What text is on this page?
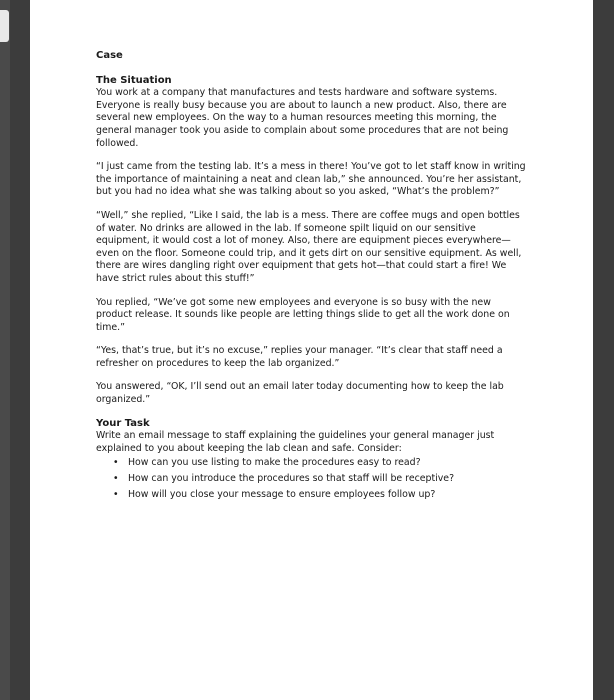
Case
The Situation

You work at a company that manufactures and tests hardware and software systems. Everyone is really busy because you are about to launch a new product. Also, there are several new employees. On the way to a human resources meeting this morning, the general manager took you aside to complain about some procedures that are not being followed.

“I just came from the testing lab. It’s a mess in there! You’ve got to let staff know in writing the importance of maintaining a neat and clean lab,” she announced. You’re her assistant, but you had no idea what she was talking about so you asked, “What’s the problem?”

“Well,” she replied, “Like I said, the lab is a mess. There are coffee mugs and open bottles of water. No drinks are allowed in the lab. If someone spilt liquid on our sensitive equipment, it would cost a lot of money. Also, there are equipment pieces everywhere—even on the floor. Someone could trip, and it gets dirt on our sensitive equipment. As well, there are wires dangling right over equipment that gets hot—that could start a fire! We have strict rules about this stuff!”

You replied, “We’ve got some new employees and everyone is so busy with the new product release. It sounds like people are letting things slide to get all the work done on time.”

“Yes, that’s true, but it’s no excuse,” replies your manager. “It’s clear that staff need a refresher on procedures to keep the lab organized.”

You answered, “OK, I’ll send out an email later today documenting how to keep the lab organized.”

Your Task
Write an email message to staff explaining the guidelines your general manager just explained to you about keeping the lab clean and safe. Consider:
• How can you use listing to make the procedures easy to read?
• How can you introduce the procedures so that staff will be receptive?
• How will you close your message to ensure employees follow up?
